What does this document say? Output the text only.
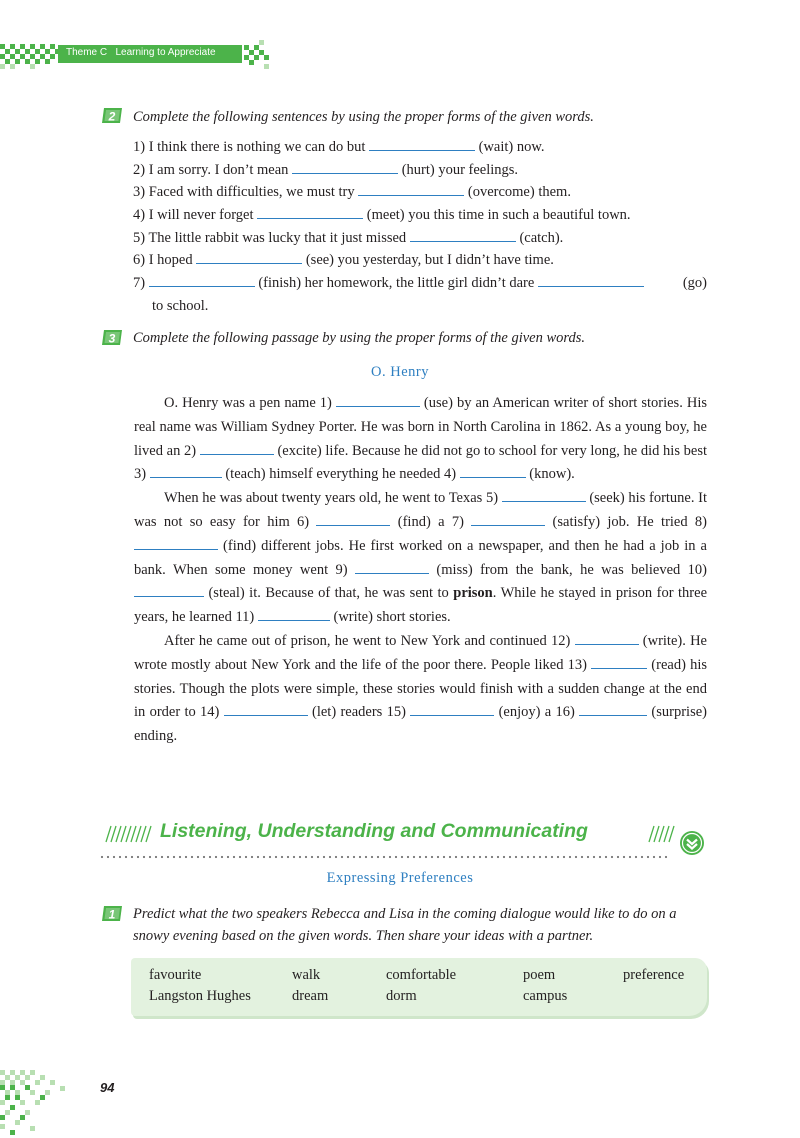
Theme C Learning to Appreciate
2 Complete the following sentences by using the proper forms of the given words.
1) I think there is nothing we can do but	(wait) now.
2) I am sorry. I don’t mean	(hurt) your feelings.
3) Faced with difficulties, we must try	(overcome) them.
4) I will never forget	(meet) you this time in such a beautiful town.
5) The little rabbit was lucky that it just missed	(catch).
6) I hoped	(see) you yesterday, but I didn’t have time.
7)	(finish) her homework, the little girl didn’t dare	(go)
to school.
3 Complete the following passage by using the proper forms of the given words.
O. Henry

O. Henry was a pen name 1)	(use) by an American writer of short stories. His real name was William Sydney Porter. He was born in North Carolina in 1862. As a young boy, he lived an 2)	(excite) life. Because he did not go to school for very long, he did his best 3)	(teach) himself everything he needed 4)	(know).

When he was about twenty years old, he went to Texas 5)	(seek) his fortune. It was not so easy for him 6)	(find) a 7)	(satisfy) job. He tried 8)  (find) different jobs. He first worked on a newspaper, and then he had a job in a bank. When some money went 9)	(miss) from the bank, he was believed 10)  (steal) it. Because of that, he was sent to prison. While he stayed in prison for three years, he learned 11)	(write) short stories.

After he came out of prison, he went to New York and continued 12)	(write). He wrote mostly about New York and the life of the poor there. People liked 13)	(read) his stories. Though the plots were simple, these stories would finish with a sudden change at the end in order to 14)	(let) readers 15)	(enjoy) a 16)	(surprise) ending.

Listening, Understanding and Communicating
Expressing Preferences
1 Predict what the two speakers Rebecca and Lisa in the coming dialogue would like to do on a snowy evening based on the given words. Then share your ideas with a partner.
favourite	walk	comfortable	poem	preference
Langston Hughes	dream	dorm	campus
94
